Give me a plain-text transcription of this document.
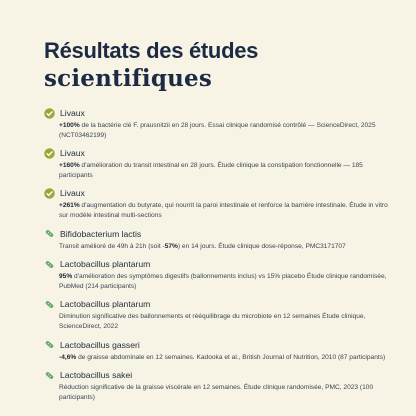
Résultats des études
scientifiques
Livaux
+100% de la bactérie clé F. prausnitzii en 28 jours. Essai clinique randomisé contrôlé — ScienceDirect, 2025 (NCT03462199)
Livaux
+160% d'amélioration du transit intestinal en 28 jours. Étude clinique la constipation fonctionnelle — 185 participants
Livaux
+261% d'augmentation du butyrate, qui nourrit la paroi intestinale et renforce la barrière intestinale. Étude in vitro sur modèle intestinal multi-sections
Bifidobacterium lactis
Transit amélioré de 49h à 21h (soit -57%) en 14 jours. Étude clinique dose-réponse, PMC3171707
Lactobacillus plantarum
95% d'amélioration des symptômes digestifs (ballonnements inclus) vs 15% placebo Étude clinique randomisée, PubMed (214 participants)
Lactobacillus plantarum
Diminution significative des ballonnements et rééquilibrage du microbiote en 12 semaines Étude clinique, ScienceDirect, 2022
Lactobacillus gasseri
-4,6% de graisse abdominale en 12 semaines. Kadooka et al., British Journal of Nutrition, 2010 (87 participants)
Lactobacillus sakei
Réduction significative de la graisse viscérale en 12 semaines. Étude clinique randomisée, PMC, 2023 (100 participants)
